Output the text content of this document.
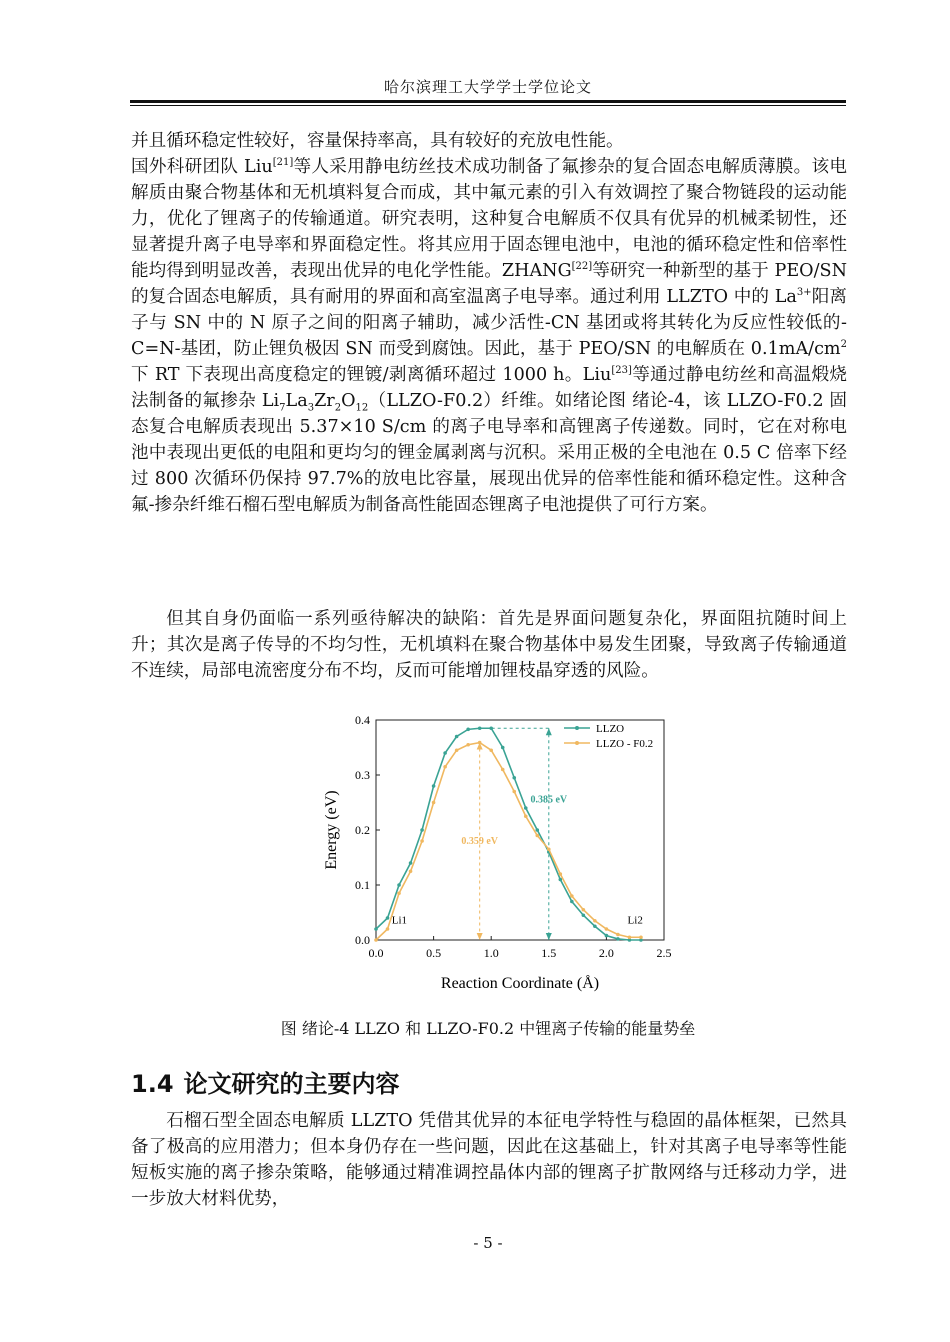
哈尔滨理工大学学士学位论文

并且循环稳定性较好，容量保持率高，具有较好的充放电性能。

国外科研团队 Liu[21]等人采用静电纺丝技术成功制备了氟掺杂的复合固态电解质薄膜。该电解质由聚合物基体和无机填料复合而成，其中氟元素的引入有效调控了聚合物链段的运动能力，优化了锂离子的传输通道。研究表明，这种复合电解质不仅具有优异的机械柔韧性，还显著提升离子电导率和界面稳定性。将其应用于固态锂电池中，电池的循环稳定性和倍率性能均得到明显改善，表现出优异的电化学性能。ZHANG[22]等研究一种新型的基于 PEO/SN 的复合固态电解质，具有耐用的界面和高室温离子电导率。通过利用 LLZTO 中的 $La^{3+}$阳离子与 SN 中的 N 原子之间的阳离子辅助，减少活性-CN 基团或将其转化为反应性较低的-C=N-基团，防止锂负极因 SN 而受到腐蚀。因此，基于 PEO/SN 的电解质在 $0.1mA/cm^2$下 RT 下表现出高度稳定的锂镀/剥离循环超过 1000 h。Liu[23]等通过静电纺丝和高温煅烧法制备的氟掺杂 $Li_7La_3Zr_2O_{12}(LLZO-F0.2)$纤维。如绪论图 绪论-4，该 LLZO-F0.2 固态复合电解质表现出 5.37×10 S/cm 的离子电导率和高锂离子传递数。同时，它在对称电池中表现出更低的电阻和更均匀的锂金属剥离与沉积。采用正极的全电池在 0.5 C 倍率下经过 800 次循环仍保持 97.7%的放电比容量，展现出优异的倍率性能和循环稳定性。这种含氟-掺杂纤维石榴石型电解质为制备高性能固态锂离子电池提供了可行方案。

但其自身仍面临一系列亟待解决的缺陷：首先是界面问题复杂化，界面阻抗随时间上升；其次是离子传导的不均匀性，无机填料在聚合物基体中易发生团聚，导致离子传输通道不连续，局部电流密度分布不均，反而可能增加锂枝晶穿透的风险。

0.0	0.5	1.0	1.5	2.0	2.5
0.0
0.1
0.2
0.3
0.4
Reaction Coordinate (Å)
Energy (eV)	0.385 eV
0.359 eV
Li1	Li2
LLZO
LLZO - F0.2
图 绪论-4 LLZO 和 LLZO-F0.2 中锂离子传输的能量势垒
1.4 论文研究的主要内容

石榴石型全固态电解质 LLZTO 凭借其优异的本征电学特性与稳固的晶体框架，已然具备了极高的应用潜力；但本身仍存在一些问题，因此在这基础上，针对其离子电导率等性能短板实施的离子掺杂策略，能够通过精准调控晶体内部的锂离子扩散网络与迁移动力学，进一步放大材料优势，

- 5 -
